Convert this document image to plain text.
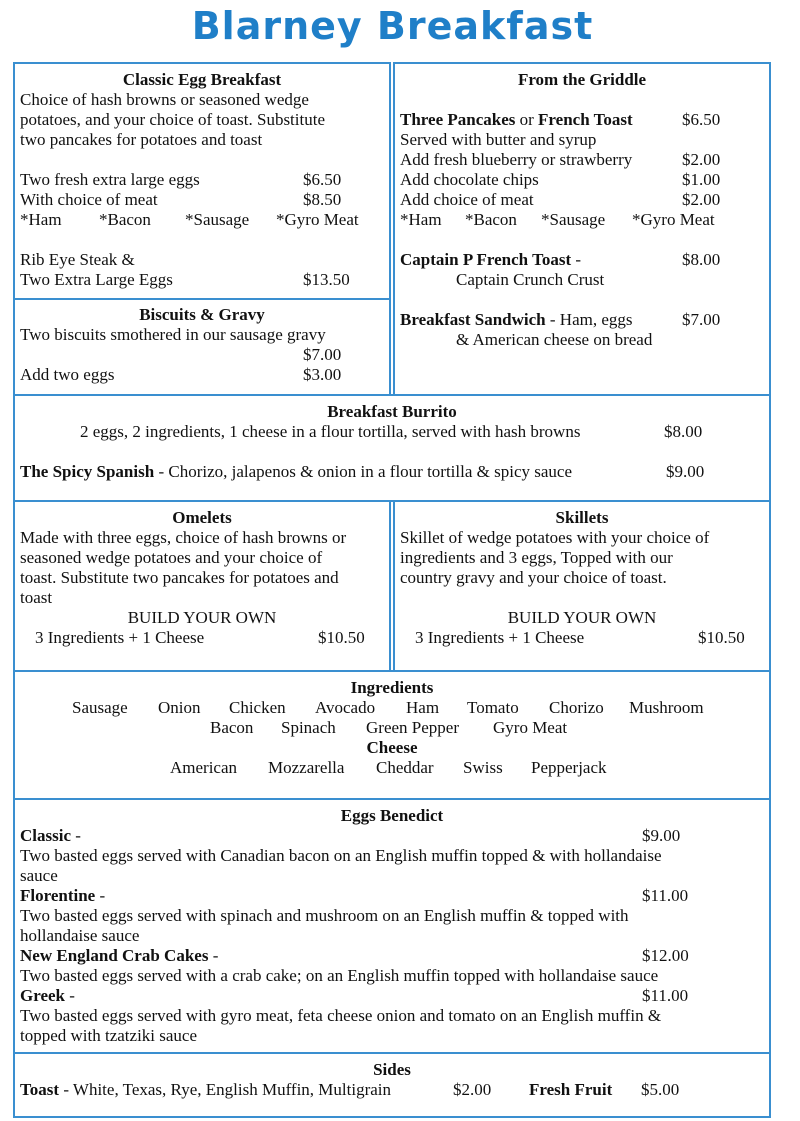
Blarney Breakfast
Classic Egg Breakfast
Choice of hash browns or seasoned wedge
potatoes, and your choice of toast. Substitute
two pancakes for potatoes and toast
Two fresh extra large eggs	$6.50
With choice of meat	$8.50
*Ham *Bacon *Sausage *Gyro Meat
Rib Eye Steak &
Two Extra Large Eggs	$13.50
Biscuits & Gravy
Two biscuits smothered in our sausage gravy
$7.00
Add two eggs	$3.00
From the Griddle
Three Pancakes or French Toast	$6.50
Served with butter and syrup
Add fresh blueberry or strawberry	$2.00
Add chocolate chips	$1.00
Add choice of meat	$2.00
*Ham *Bacon *Sausage *Gyro Meat
Captain P French Toast -	$8.00
Captain Crunch Crust
Breakfast Sandwich - Ham, eggs	$7.00
& American cheese on bread
Breakfast Burrito
2 eggs, 2 ingredients, 1 cheese in a flour tortilla, served with hash browns	$8.00
The Spicy Spanish - Chorizo, jalapenos & onion in a flour tortilla & spicy sauce	$9.00
Omelets
Made with three eggs, choice of hash browns or
seasoned wedge potatoes and your choice of
toast. Substitute two pancakes for potatoes and
toast
BUILD YOUR OWN
3 Ingredients + 1 Cheese	$10.50
Skillets
Skillet of wedge potatoes with your choice of
ingredients and 3 eggs, Topped with our
country gravy and your choice of toast.
BUILD YOUR OWN
3 Ingredients + 1 Cheese	$10.50
Ingredients
Sausage Onion Chicken Avocado Ham Tomato Chorizo Mushroom
Bacon Spinach Green Pepper Gyro Meat
Cheese
American Mozzarella Cheddar Swiss Pepperjack
Eggs Benedict
Classic -	$9.00
Two basted eggs served with Canadian bacon on an English muffin topped & with hollandaise
sauce
Florentine -	$11.00
Two basted eggs served with spinach and mushroom on an English muffin & topped with
hollandaise sauce
New England Crab Cakes -	$12.00
Two basted eggs served with a crab cake; on an English muffin topped with hollandaise sauce
Greek -	$11.00
Two basted eggs served with gyro meat, feta cheese onion and tomato on an English muffin &
topped with tzatziki sauce
Sides
Toast - White, Texas, Rye, English Muffin, Multigrain	$2.00 Fresh Fruit $5.00
